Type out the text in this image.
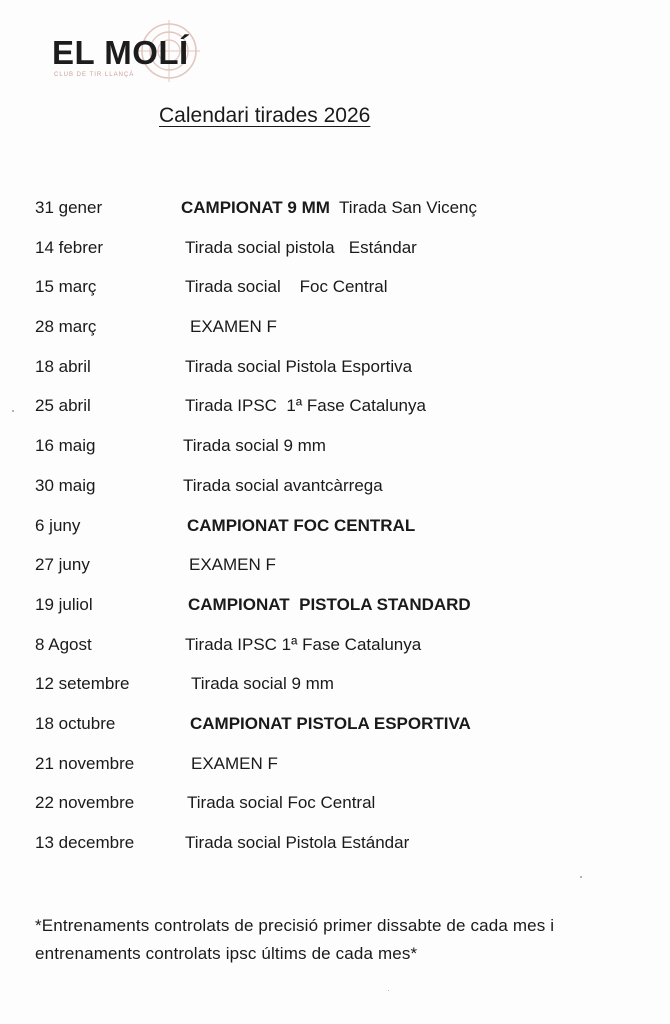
EL MOLÍ
CLUB DE TIR LLANÇÀ
Calendari tirades 2026
31 gener	CAMPIONAT 9 MM  Tirada San Vicenç
14 febrer	Tirada social pistola   Estándar
15 març	Tirada social    Foc Central
28 març	EXAMEN F
18 abril	Tirada social Pistola Esportiva
25 abril	Tirada IPSC  1ª Fase Catalunya
16 maig	Tirada social 9 mm
30 maig	Tirada social avantcàrrega
6 juny	CAMPIONAT FOC CENTRAL
27 juny	EXAMEN F
19 juliol	CAMPIONAT  PISTOLA STANDARD
8 Agost	Tirada IPSC 1ª Fase Catalunya
12 setembre	Tirada social 9 mm
18 octubre	CAMPIONAT PISTOLA ESPORTIVA
21 novembre	EXAMEN F
22 novembre	Tirada social Foc Central
13 decembre	Tirada social Pistola Estándar
*Entrenaments controlats de precisió primer dissabte de cada mes i entrenaments controlats ipsc últims de cada mes*
